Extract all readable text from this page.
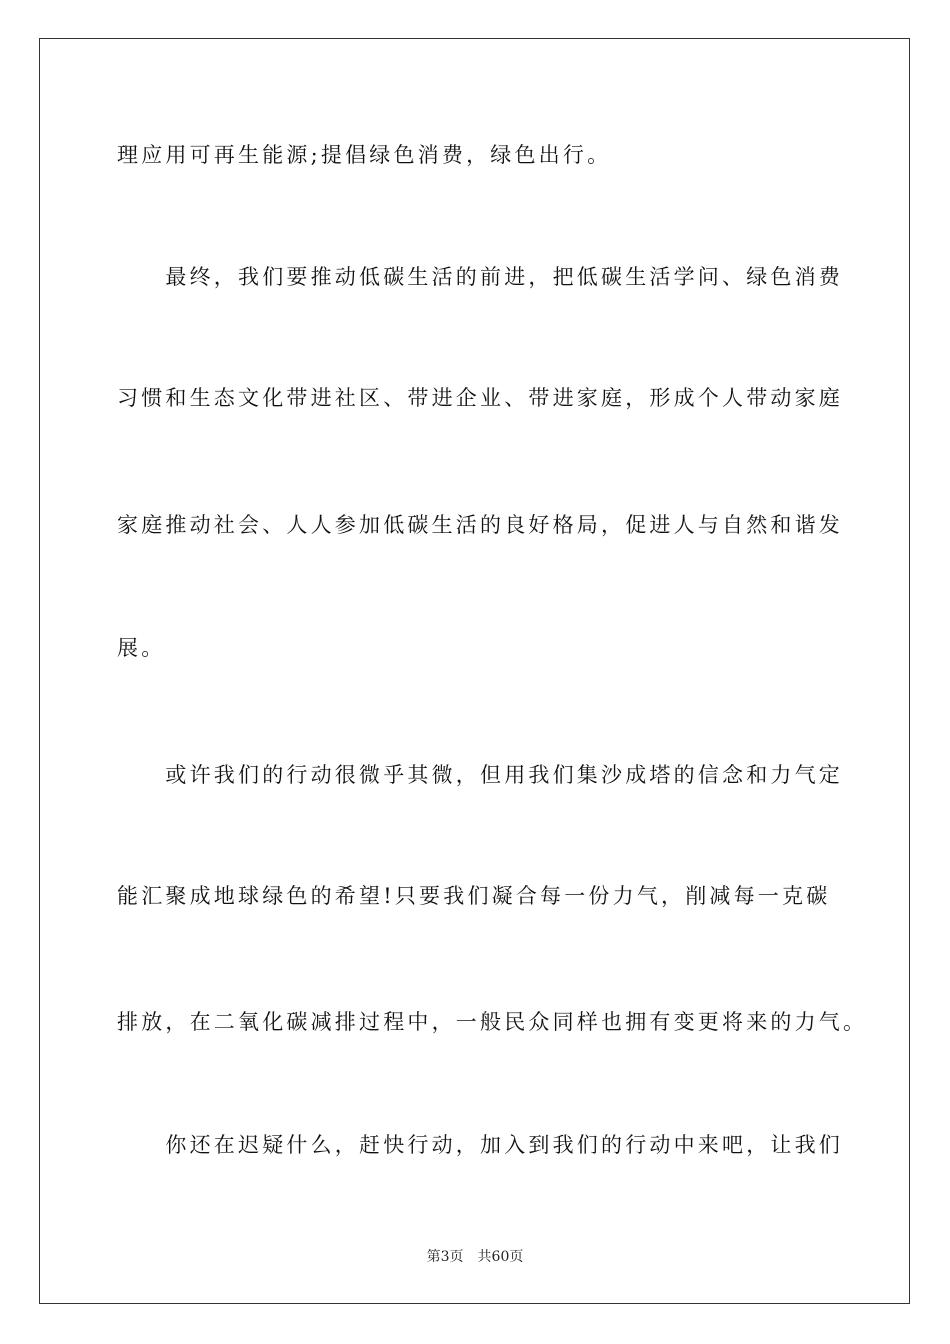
理应用可再生能源;提倡绿色消费，绿色出行。
　　最终，我们要推动低碳生活的前进，把低碳生活学问、绿色消费
习惯和生态文化带进社区、带进企业、带进家庭，形成个人带动家庭
家庭推动社会、人人参加低碳生活的良好格局，促进人与自然和谐发
展。
　　或许我们的行动很微乎其微，但用我们集沙成塔的信念和力气定
能汇聚成地球绿色的希望!只要我们凝合每一份力气，削减每一克碳
排放，在二氧化碳减排过程中，一般民众同样也拥有变更将来的力气。
　　你还在迟疑什么，赶快行动，加入到我们的行动中来吧，让我们
第3页 共60页
